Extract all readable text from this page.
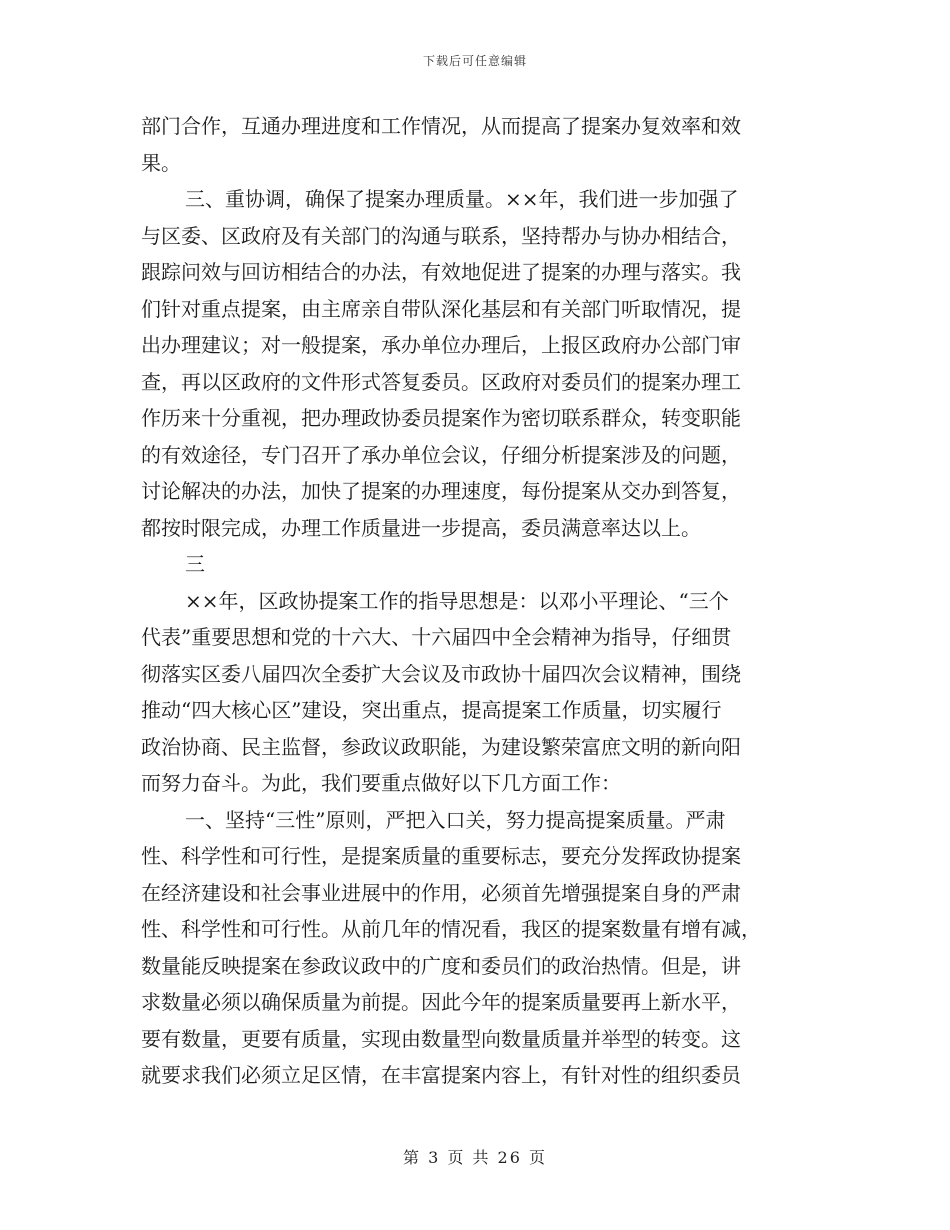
下载后可任意编辑
部门合作，互通办理进度和工作情况，从而提高了提案办复效率和效
果。
三、重协调，确保了提案办理质量。××年，我们进一步加强了
与区委、区政府及有关部门的沟通与联系，坚持帮办与协办相结合，
跟踪问效与回访相结合的办法，有效地促进了提案的办理与落实。我
们针对重点提案，由主席亲自带队深化基层和有关部门听取情况，提
出办理建议；对一般提案，承办单位办理后，上报区政府办公部门审
查，再以区政府的文件形式答复委员。区政府对委员们的提案办理工
作历来十分重视，把办理政协委员提案作为密切联系群众，转变职能
的有效途径，专门召开了承办单位会议，仔细分析提案涉及的问题，
讨论解决的办法，加快了提案的办理速度，每份提案从交办到答复，
都按时限完成，办理工作质量进一步提高，委员满意率达以上。
三
××年，区政协提案工作的指导思想是：以邓小平理论、“三个
代表”重要思想和党的十六大、十六届四中全会精神为指导，仔细贯
彻落实区委八届四次全委扩大会议及市政协十届四次会议精神，围绕
推动“四大核心区”建设，突出重点，提高提案工作质量，切实履行
政治协商、民主监督，参政议政职能，为建设繁荣富庶文明的新向阳
而努力奋斗。为此，我们要重点做好以下几方面工作：
一、坚持“三性”原则，严把入口关，努力提高提案质量。严肃
性、科学性和可行性，是提案质量的重要标志，要充分发挥政协提案
在经济建设和社会事业进展中的作用，必须首先增强提案自身的严肃
性、科学性和可行性。从前几年的情况看，我区的提案数量有增有减，
数量能反映提案在参政议政中的广度和委员们的政治热情。但是，讲
求数量必须以确保质量为前提。因此今年的提案质量要再上新水平，
要有数量，更要有质量，实现由数量型向数量质量并举型的转变。这
就要求我们必须立足区情，在丰富提案内容上，有针对性的组织委员
第 3 页 共 26 页
